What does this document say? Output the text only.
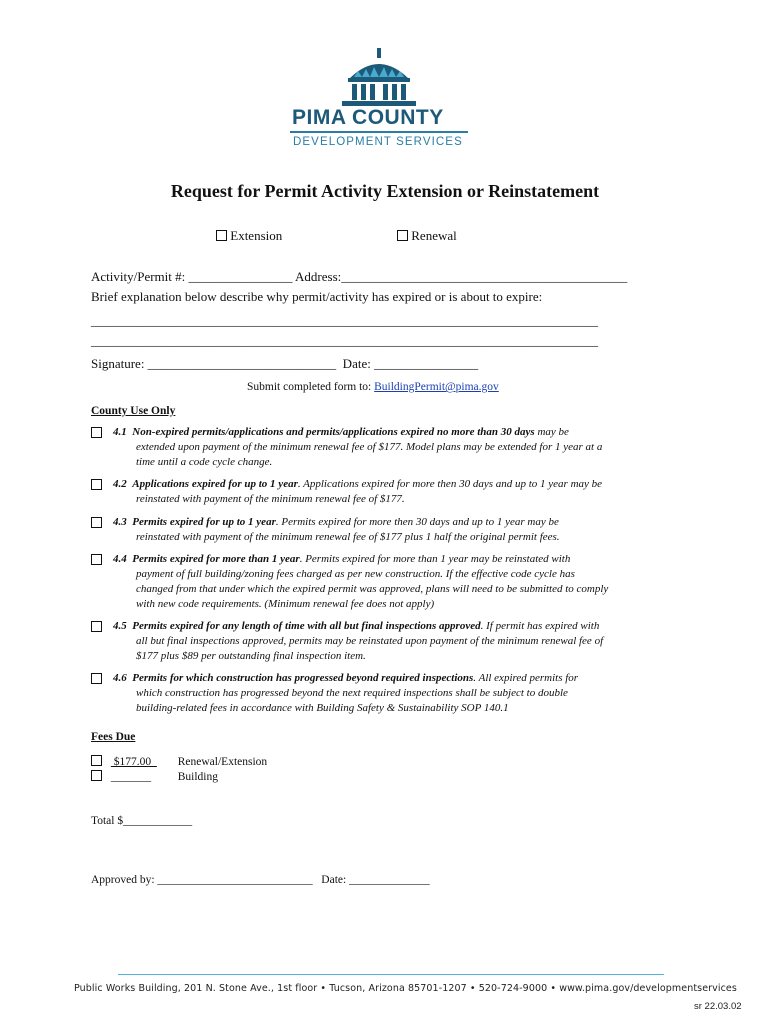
PIMA COUNTY
DEVELOPMENT SERVICES
Request for Permit Activity Extension or Reinstatement
Extension	Renewal
Activity/Permit #: ________________ Address:____________________________________________
Brief explanation below describe why permit/activity has expired or is about to expire:
______________________________________________________________________________
______________________________________________________________________________
Signature: _____________________________  Date: ________________
Submit completed form to: BuildingPermit@pima.gov
County Use Only
4.1 Non-expired permits/applications and permits/applications expired no more than 30 days may be
extended upon payment of the minimum renewal fee of $177. Model plans may be extended for 1 year at a
time until a code cycle change.
4.2 Applications expired for up to 1 year. Applications expired for more then 30 days and up to 1 year may be
reinstated with payment of the minimum renewal fee of $177.
4.3 Permits expired for up to 1 year. Permits expired for more then 30 days and up to 1 year may be
reinstated with payment of the minimum renewal fee of $177 plus 1 half the original permit fees.
4.4 Permits expired for more than 1 year. Permits expired for more than 1 year may be reinstated with
payment of full building/zoning fees charged as per new construction. If the effective code cycle has
changed from that under which the expired permit was approved, plans will need to be submitted to comply
with new code requirements. (Minimum renewal fee does not apply)
4.5 Permits expired for any length of time with all but final inspections approved. If permit has expired with
all but final inspections approved, permits may be reinstated upon payment of the minimum renewal fee of
$177 plus $89 per outstanding final inspection item.
4.6 Permits for which construction has progressed beyond required inspections. All expired permits for
which construction has progressed beyond the next required inspections shall be subject to double
building-related fees in accordance with Building Safety & Sustainability SOP 140.1
Fees Due
$177.00   Renewal/Extension
_______ Building
Total $____________
Approved by: ___________________________   Date: ______________
Public Works Building, 201 N. Stone Ave., 1st floor • Tucson, Arizona 85701-1207 • 520-724-9000 • www.pima.gov/developmentservices
sr 22.03.02
